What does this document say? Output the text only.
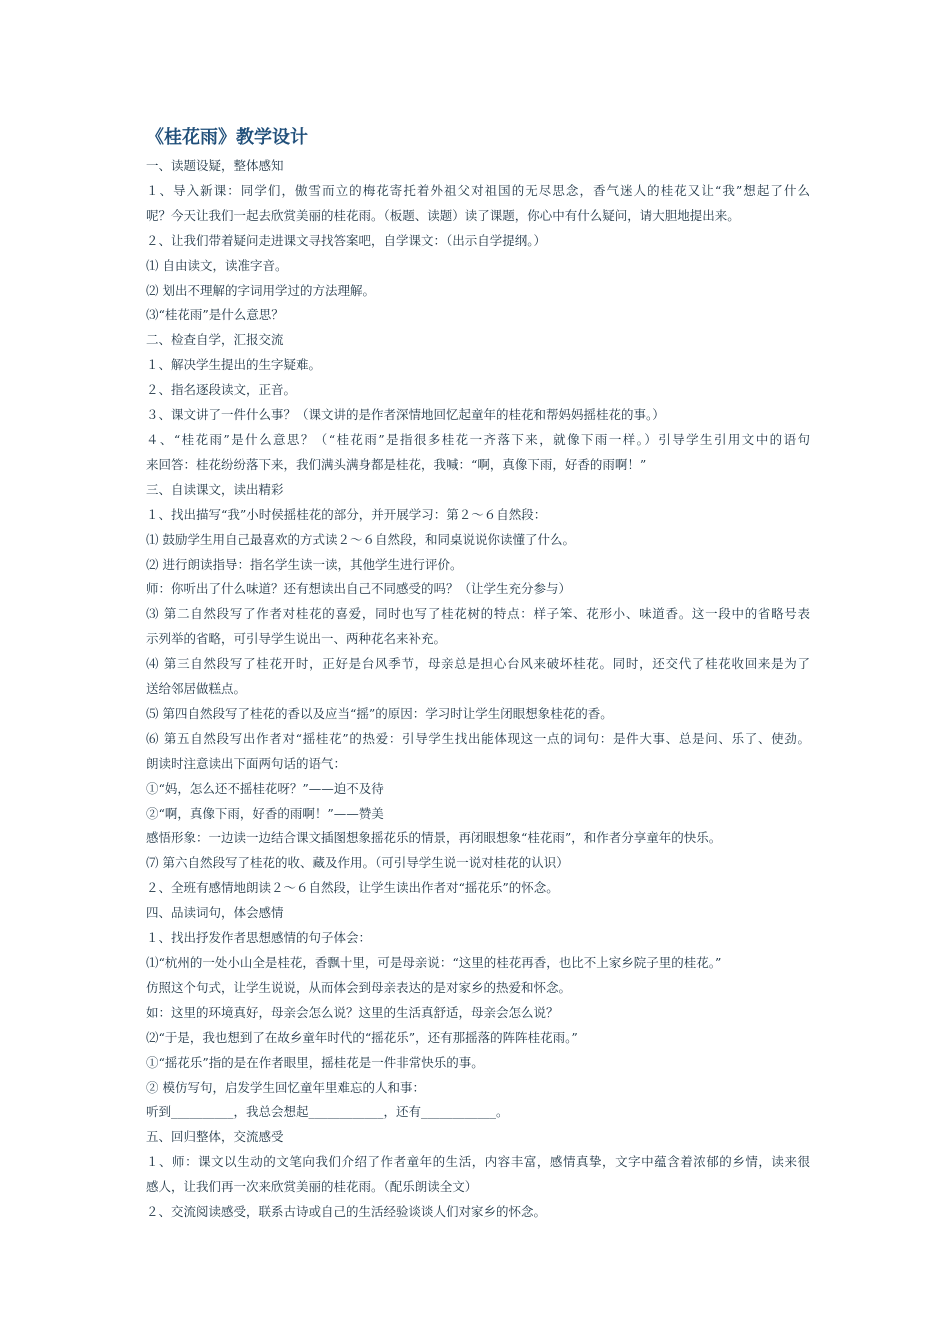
《桂花雨》教学设计
一、读题设疑，整体感知
１、导入新课：同学们，傲雪而立的梅花寄托着外祖父对祖国的无尽思念，香气迷人的桂花又让“我”想起了什么
呢？今天让我们一起去欣赏美丽的桂花雨。（板题、读题）读了课题，你心中有什么疑问，请大胆地提出来。
２、让我们带着疑问走进课文寻找答案吧，自学课文：（出示自学提纲。）
⑴ 自由读文，读准字音。
⑵ 划出不理解的字词用学过的方法理解。
⑶“桂花雨”是什么意思？
二、检查自学，汇报交流
１、解决学生提出的生字疑难。
２、指名逐段读文，正音。
３、课文讲了一件什么事？（课文讲的是作者深情地回忆起童年的桂花和帮妈妈摇桂花的事。）
４、“桂花雨”是什么意思？（“桂花雨”是指很多桂花一齐落下来，就像下雨一样。）引导学生引用文中的语句
来回答：桂花纷纷落下来，我们满头满身都是桂花，我喊：“啊，真像下雨，好香的雨啊！”
三、自读课文，读出精彩
１、找出描写“我”小时侯摇桂花的部分，并开展学习：第２～６自然段：
⑴ 鼓励学生用自己最喜欢的方式读２～６自然段，和同桌说说你读懂了什么。
⑵ 进行朗读指导：指名学生读一读，其他学生进行评价。
师：你听出了什么味道？还有想读出自己不同感受的吗？（让学生充分参与）
⑶ 第二自然段写了作者对桂花的喜爱，同时也写了桂花树的特点：样子笨、花形小、味道香。这一段中的省略号表
示列举的省略，可引导学生说出一、两种花名来补充。
⑷ 第三自然段写了桂花开时，正好是台风季节，母亲总是担心台风来破坏桂花。同时，还交代了桂花收回来是为了
送给邻居做糕点。
⑸ 第四自然段写了桂花的香以及应当“摇”的原因：学习时让学生闭眼想象桂花的香。
⑹ 第五自然段写出作者对“摇桂花”的热爱：引导学生找出能体现这一点的词句：是件大事、总是问、乐了、使劲。
朗读时注意读出下面两句话的语气：
①“妈，怎么还不摇桂花呀？”——迫不及待
②“啊，真像下雨，好香的雨啊！”——赞美
感悟形象：一边读一边结合课文插图想象摇花乐的情景，再闭眼想象“桂花雨”，和作者分享童年的快乐。
⑺ 第六自然段写了桂花的收、藏及作用。（可引导学生说一说对桂花的认识）
２、全班有感情地朗读２～６自然段，让学生读出作者对“摇花乐”的怀念。
四、品读词句，体会感情
１、找出抒发作者思想感情的句子体会：
⑴“杭州的一处小山全是桂花，香飘十里，可是母亲说：“这里的桂花再香，也比不上家乡院子里的桂花。”
仿照这个句式，让学生说说，从而体会到母亲表达的是对家乡的热爱和怀念。
如：这里的环境真好，母亲会怎么说？这里的生活真舒适，母亲会怎么说？
⑵“于是，我也想到了在故乡童年时代的“摇花乐”，还有那摇落的阵阵桂花雨。”
①“摇花乐”指的是在作者眼里，摇桂花是一件非常快乐的事。
② 模仿写句，启发学生回忆童年里难忘的人和事：
听到__________，我总会想起____________，还有____________。
五、回归整体，交流感受
１、师：课文以生动的文笔向我们介绍了作者童年的生活，内容丰富，感情真挚，文字中蕴含着浓郁的乡情，读来很
感人，让我们再一次来欣赏美丽的桂花雨。（配乐朗读全文）
２、交流阅读感受，联系古诗或自己的生活经验谈谈人们对家乡的怀念。
